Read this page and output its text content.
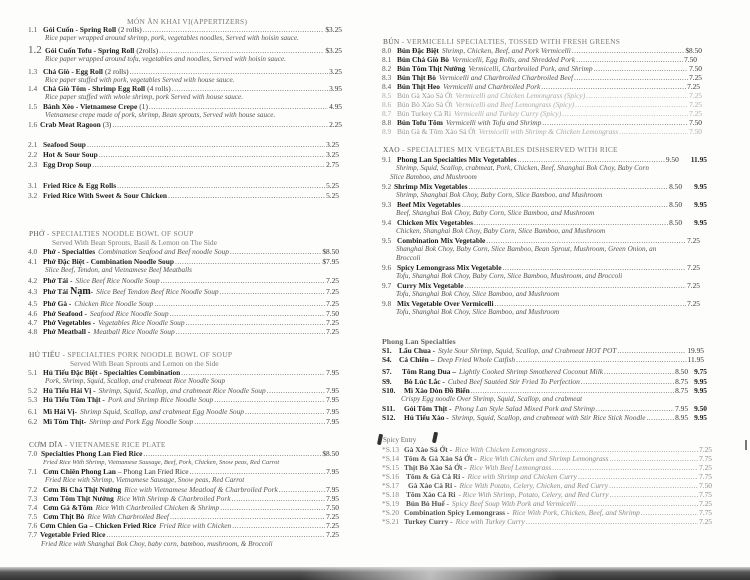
MÓN ĂN KHAI VỊ(APPERTIZERS)
1.1 Gỏi Cuốn - Spring Roll (2 rolls) .....	$3.25
Rice paper wrapped around shrimp, pork, vegetables noodles, Served with hoisin sauce.
1.2 Gỏi Cuốn Tofu - Spring Roll (2rolls) .....	$3.25
Rice paper wrapped around tofu, vegetables and noodles, Served with hoisin sauce.
1.3 Chả Giò - Egg Roll (2 rolls) .....	3.25
Rice paper stuffed with pork, vegetables Served with house sauce.
1.4 Chả Giò Tôm - Shrimp Egg Roll (4 rolls) .....	3.95
Rice paper stuffed with whole shrimp, pork Served with house sauce.
1.5 Bánh Xèo - Vietnamese Crepe (1) .....	4.95
Vietnamese crepe made of pork, shrimp, Bean sprouts, Served with house sauce.
1.6 Crab Meat Ragoon (3) .....	2.25
2.1 Seafood Soup .....	3.25
2.2 Hot & Sour Soup .....	3.25
2.3 Egg Drop Soup .....	2.75
3.1 Fried Rice & Egg Rolls .....	5.25
3.2 Fried Rice With Sweet & Sour Chicken .....	5.25
PHỞ - SPECIALTIES NOODLE BOWL OF SOUP
Served With Bean Sprouts, Basil & Lemon on The Side
4.0 Phở - Specialties Combination Seafood and Beef noodle Soup .....	$8.50
4.1 Phở Đặc Biệt - Combination Noodle Soup .....	$7.95
Slice Beef, Tendon, and Vietnamese Beef Meatballs
4.2 Phở Tái - Slice Beef Rice Noodle Soup .....	7.25
4.3 Phở Tái Nạm - Slice Beef Tendon Beef Rice Noodle Soup .....	7.25
4.5 Phở Gà - Chicken Rice Noodle Soup .....	7.25
4.6 Phở Seafood - Seafood Rice Noodle Soup .....	7.50
4.7 Phở Vegetables - Vegetables Rice Noodle Soup .....	7.25
4.8 Phở Meatball - Meatball Rice Noodle Soup .....	7.25
HỦ TIẾU - SPECIALTIES PORK NOODLE BOWL OF SOUP
Served With Bean Sprouts and Lemon on the Side
5.1 Hủ Tiếu Đặc Biệt - Specialties Combination .....	7.95
Pork, Shrimp, Squid, Scallop, and crabmeat Rice Noodle Soup
5.2 Hủ Tiếu Hải Vị - Shrimp, Squid, Scallop, and crabmeat Rice Noodle Soup .....	7.95
5.3 Hủ Tiếu Tôm Thịt - Pork and Shrimp Rice Noodle Soup .....	7.95
6.1 Mì Hải Vị- Shrimp Squid, Scallop, and crabmeat Egg Noodle Soup .....	7.95
6.2 Mì Tôm Thịt- Shrimp and Pork Egg Noodle Soup .....	7.95
CƠM DĨA - VIETNAMESE RICE PLATE
7.0 Specialties Phong Lan Fied Rice .....	$8.50
Fried Rice With Shrimp, Vietnamese Sausage, Beef, Pork, Chicken, Snow peas, Red Carrot
7.1 Cơm Chiên Phong Lan – Phong Lan Fried Rice .....	7.95
Fried Rice with Shrimp, Vietnamese Sausage, Snow peas, Red Carrot
7.2 Cơm Bì Chả Thịt Nướng Rice with Vietnamese Meatloaf & Charbroiled Pork .....	7.95
7.3 Cơm Tôm Thịt Nướng Rice With Shrimp & Charbroiled Pork .....	7.95
7.4 Cơm Gà &Tôm Rice With Charbroiled Chicken & Shrimp .....	7.50
7.5 Cơm Thịt Bò Rice With Charbroiled Beef .....	7.25
7.6 Cơm Chien Ga – Chicken Fried Rice Fried Rice with Chicken .....	7.25
7.7 Vegetable Fried Rice .....	7.25
Fried Rice with Shanghai Bok Choy, baby corn, bamboo, mushroom, & Broccoli
BÚN - VERMICELLI SPECIALTIES, TOSSED WITH FRESH GREENS
8.0 Bún Đặc Biệt Shrimp, Chicken, Beef, and Pork Vermicelli .....	$8.50
8.1 Bún Chả Giò Bò Vermicelli, Egg Rolls, and Shredded Pork .....	7.50
8.2 Bún Tôm Thịt Nướng Vermicelli, Charbroiled Pork, and Shrimp .....	7.50
8.3 Bún Thịt Bò Vermicelli and Charbroiled Charbroiled Beef .....	7.25
8.4 Bún Thịt Heo Vermicelli and Charbroiled Pork .....	7.25
8.5 Bún Gà Xào Sả Ớt Vermicelli and Chicken Lemongrass (Spicy) .....	7.25
8.6 Bún Bò Xào Sả Ớt Vermicelli and Beef Lemongrass (Spicy) .....	7.25
8.7 Bún Turkey Cà Ri Vermicelli and Turkey Curry (Spicy) .....	7.25
8.8 Bún Tofu Tôm Vermicelli with Tofu and Shrimp .....	7.50
8.9 Bún Gà & Tôm Xào Sả Ớt Vermicelli with Shrimp & Chicken Lemongrass .....	7.50
XAO - SPECIALTIES MIX VEGETABLES DISHSERVED WITH RICE
9.1 Phong Lan Specialties Mix Vegetables .....	9.50 11.95
Shrimp, Squid, Scallop, crabmeat, Pork, Chicken, Beef, Shanghai Bok Choy, Baby Corn
Slice Bamboo, and Mushroom
9.2 Shrimp Mix Vegetables .....	8.50 9.95
Shrimp, Shanghai Bok Choy, Baby Corn, Slice Bamboo, and Mushroom
9.3 Beef Mix Vegetables .....	8.50 9.95
Beef, Shanghai Bok Choy, Baby Corn, Slice Bamboo, and Mushroom
9.4 Chicken Mix Vegetables .....	8.50 9.95
Chicken, Shanghai Bok Choy, Baby Corn, Slice Bamboo, and Mushroom
9.5 Combination Mix Vegetable .....	7.25
Shanghai Bok Choy, Baby Corn, Slice Bamboo, Bean Sprout, Mushroom, Green Onion, an
Broccoli
9.6 Spicy Lemongrass Mix Vegetable .....	7.25
Tofu, Shanghai Bok Choy, Baby Corn, Slice Bamboo, Mushroom, and Broccoli
9.7 Curry Mix Vegetable .....	7.25
Tofu, Shanghai Bok Choy, Slice Bamboo, and Mushroom
9.8 Mix Vegetable Over Vermicelli .....	7.25
Tofu, Shanghai Bok Choy, Slice Bamboo, and Mushroom
Phong Lan Specialties
S1. Lẩu Chua - Style Sour Shrimp, Squid, Scallop, and Crabmeat HOT POT .....	19.95
S4. Cá Chiên – Deep Fried Whole Catfish .....	11.95
S7.	Tôm Rang Dua – Lightly Cooked Shrimp Smothered Coconut Milk .....	8.50 9.75
S9.	Bò Lúc Lắc - Cubed Beef Sautéed Stir Fried To Perfection .....	8.75 9.95
S10.	Mì Xào Dòn Đồ Biển .....	8.75 9.95
Crispy Egg noodle Over Shrimp, Squid, Scallop, and crabmeat
S11.	Gỏi Tôm Thịt - Phong Lan Style Salad Mixed Pork and Shrimp .....	7.95 9.50
S12.	Hủ Tiếu Xào - Shrimp, Squid, Scallop, and crabmeat with Stir Rice Stick Noodle .....	8.95 9.95
Spicy Entry
*S.13 Gà Xào Sả Ớt - Rice With Chicken Lemongrass .....	7.25
*S.14 Tôm & Gà Xào Sả Ớt - Rice With Chicken and Shrimp Lemongrass .....	7.75
*S.15 Thịt Bò Xào Sả Ớt - Rice With Beef Lemongrass .....	7.25
*S.16 Tôm & Gà Cà Ri - Rice with Shrimp and Chicken Curry .....	7.75
*S.17	Gà Xào Cà Ri - Rice With Potato, Celery, Chicken, and Red Curry .....	7.50
*S.18 Tôm Xào Cà Ri - Rice With Shrimp, Potato, Celery, and Red Curry .....	7.75
*S.19 Bún Bò Huế - Spicy Beef Soup With Pork and Vermicelli .....	7.25
*S.20 Combination Spicy Lemongrass - Rice With Pork, Chicken, Beef, and Shrimp .....	7.75
*S.21 Turkey Curry - Rice with Turkey Curry .....	7.25
